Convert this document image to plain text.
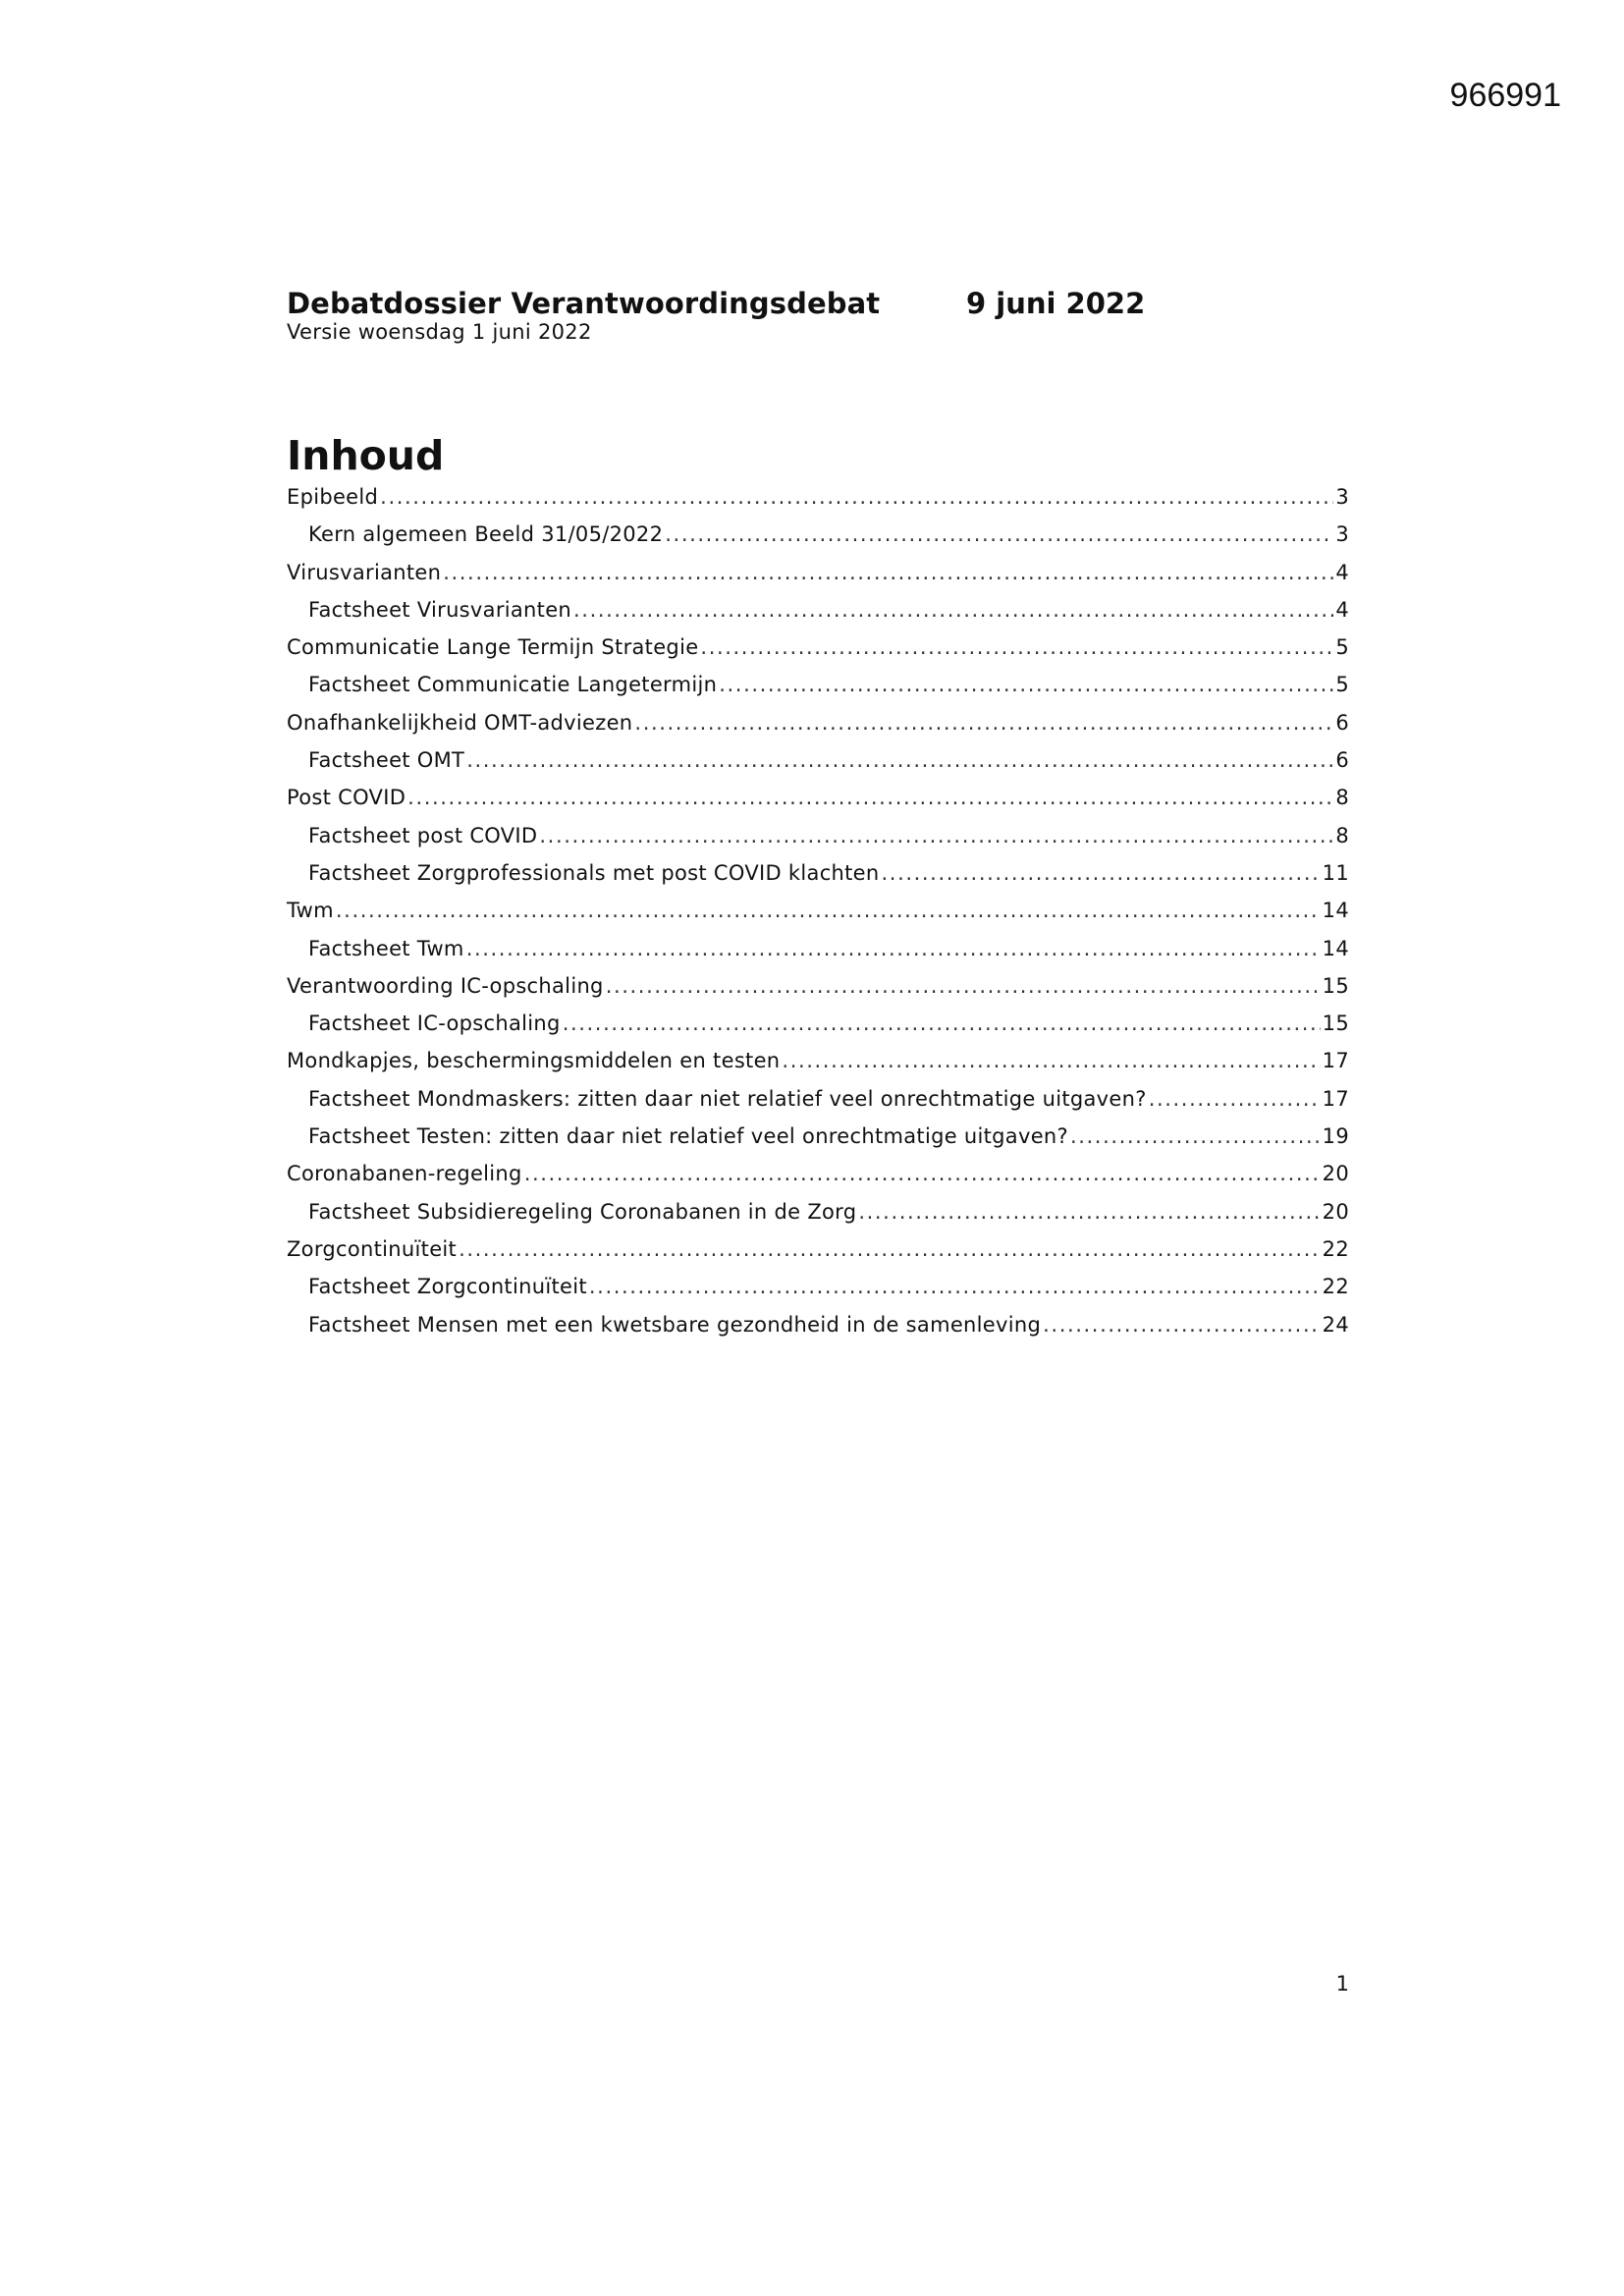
966991
Debatdossier Verantwoordingsdebat	9 juni 2022
Versie woensdag 1 juni 2022
Inhoud
Epibeeld .....	3
Kern algemeen Beeld 31/05/2022 .....	3
Virusvarianten .....	4
Factsheet Virusvarianten .....	4
Communicatie Lange Termijn Strategie .....	5
Factsheet Communicatie Langetermijn .....	5
Onafhankelijkheid OMT-adviezen .....	6
Factsheet OMT .....	6
Post COVID .....	8
Factsheet post COVID .....	8
Factsheet Zorgprofessionals met post COVID klachten .....	11
Twm .....	14
Factsheet Twm .....	14
Verantwoording IC-opschaling .....	15
Factsheet IC-opschaling .....	15
Mondkapjes, beschermingsmiddelen en testen .....	17
Factsheet Mondmaskers: zitten daar niet relatief veel onrechtmatige uitgaven? .....	17
Factsheet Testen: zitten daar niet relatief veel onrechtmatige uitgaven? .....	19
Coronabanen-regeling .....	20
Factsheet Subsidieregeling Coronabanen in de Zorg .....	20
Zorgcontinuïteit .....	22
Factsheet Zorgcontinuïteit .....	22
Factsheet Mensen met een kwetsbare gezondheid in de samenleving .....	24
1
